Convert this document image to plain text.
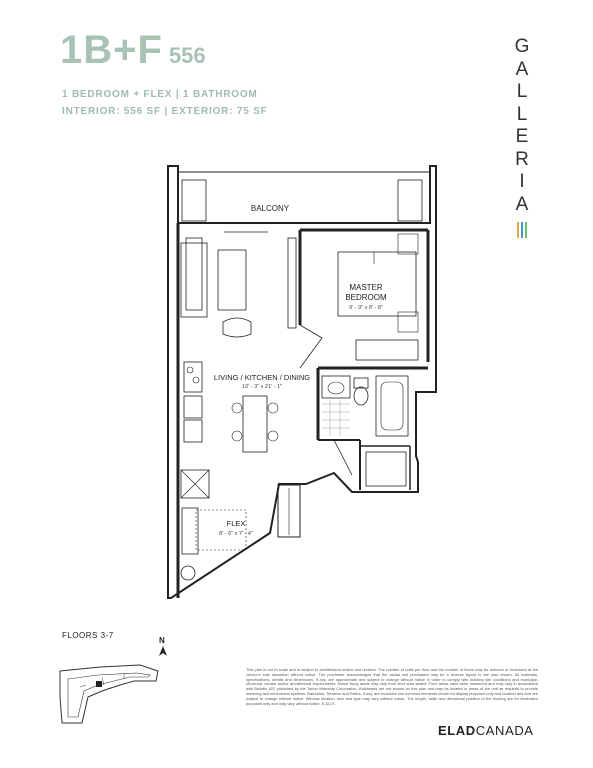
1B+F 556
1 BEDROOM + FLEX | 1 BATHROOM
INTERIOR: 556 SF | EXTERIOR: 75 SF
G
A
L
L
E
R
I
A
BALCONY
MASTER
BEDROOM
9' - 9" x 8' - 8"
LIVING / KITCHEN / DINING
10' - 3" x 21' - 1"
FLEX
8' - 6" x 7' - 4"
FLOORS 3-7
N
This plan is not to scale and is subject to architectural review and revision. The number of units per floor and the number of floors may be reduced or increased at the vendor's sole discretion without notice. The purchaser acknowledges that the actual unit purchased may be a reverse layout to the plan shown. All materials, specifications, details and dimensions, if any, are approximate and subject to change without notice in order to comply with building site conditions and municipal, structural, vendor and/or architectural requirements. Actual living areas may vary from floor area stated. Floor areas have been measured and may vary in accordance with Bulletin #22 published by the Tarion Warranty Corporation. Bulkheads are not shown on this plan and may be located in areas of the unit as required to provide servicing and mechanical systems. Balconies, Terraces and Patios, if any, are exclusive use common elements shown for display purposes only and location and size are subject to change without notice. Window location, size and type may vary without notice. The length, width and directional position of the flooring are for illustration purposes only and may vary without notice. E.&O.E.
ELADCANADA
